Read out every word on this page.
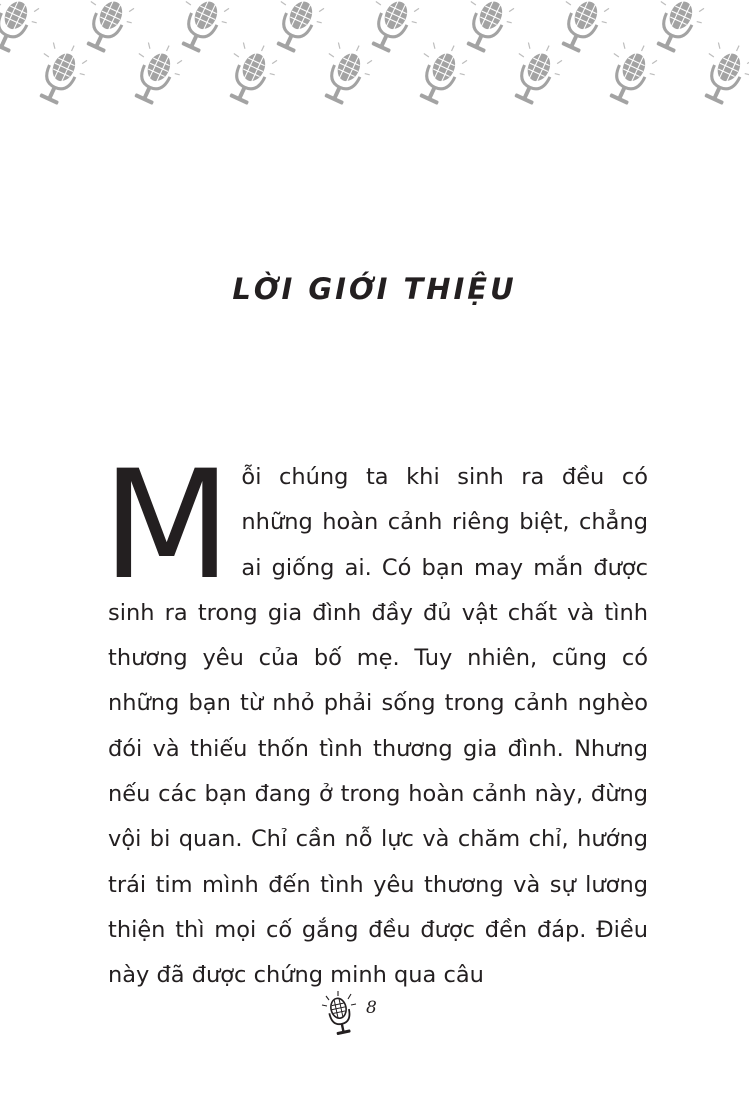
LỜI GIỚI THIỆU
Mỗi chúng ta khi sinh ra đều có những hoàn cảnh riêng biệt, chẳng ai giống ai. Có bạn may mắn được sinh ra trong gia đình đầy đủ vật chất và tình thương yêu của bố mẹ. Tuy nhiên, cũng có những bạn từ nhỏ phải sống trong cảnh nghèo đói và thiếu thốn tình thương gia đình. Nhưng nếu các bạn đang ở trong hoàn cảnh này, đừng vội bi quan. Chỉ cần nỗ lực và chăm chỉ, hướng trái tim mình đến tình yêu thương và sự lương thiện thì mọi cố gắng đều được đền đáp. Điều này đã được chứng minh qua câu
8
